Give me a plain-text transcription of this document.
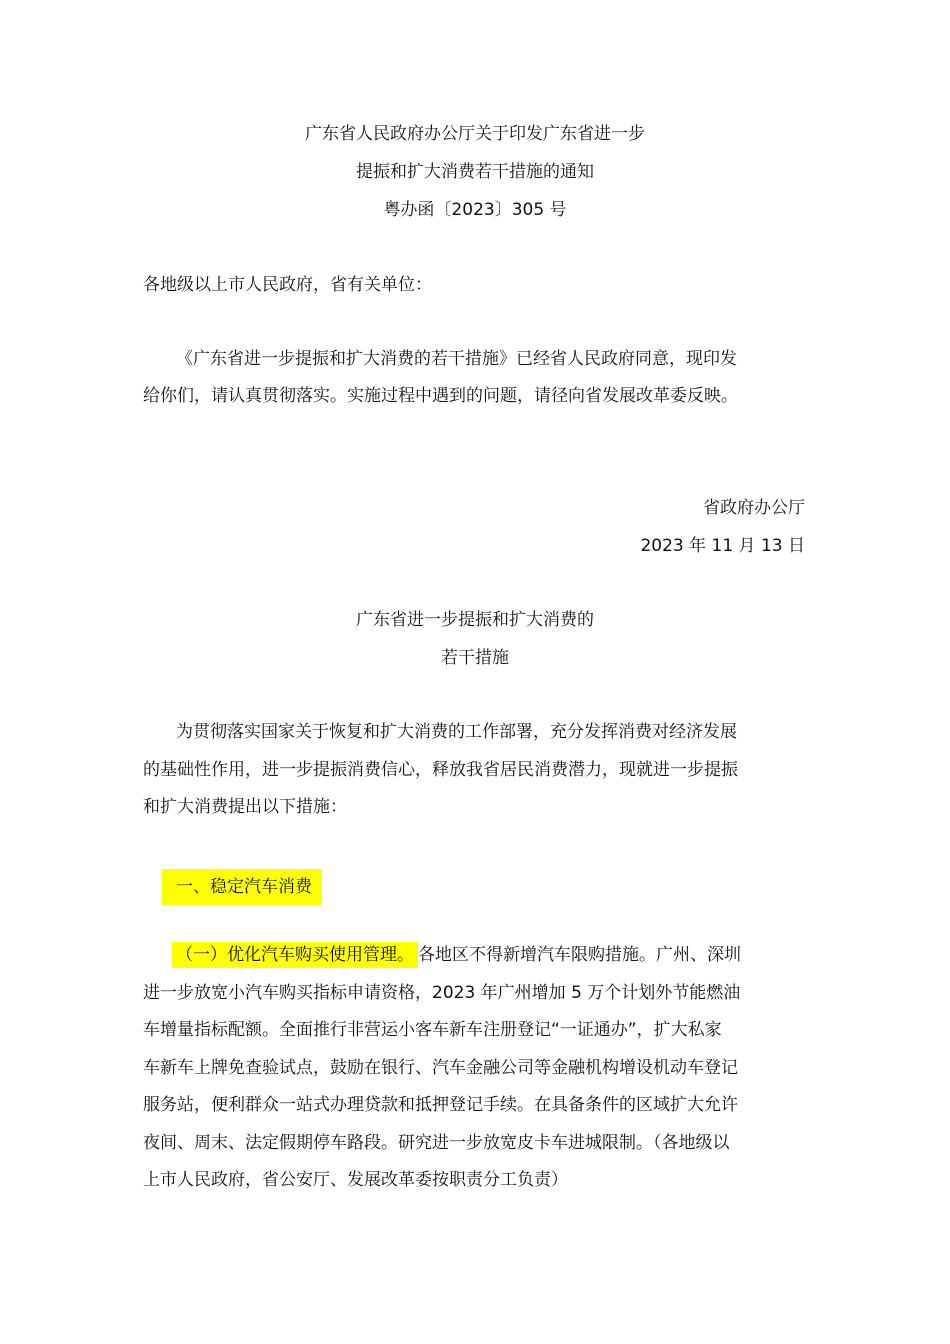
广东省人民政府办公厅关于印发广东省进一步
提振和扩大消费若干措施的通知
粤办函〔2023〕305 号
各地级以上市人民政府，省有关单位：
《广东省进一步提振和扩大消费的若干措施》已经省人民政府同意，现印发
给你们，请认真贯彻落实。实施过程中遇到的问题，请径向省发展改革委反映。
省政府办公厅
2023 年 11 月 13 日
广东省进一步提振和扩大消费的
若干措施
为贯彻落实国家关于恢复和扩大消费的工作部署，充分发挥消费对经济发展
的基础性作用，进一步提振消费信心，释放我省居民消费潜力，现就进一步提振
和扩大消费提出以下措施：
一、稳定汽车消费
（一）优化汽车购买使用管理。 各地区不得新增汽车限购措施。广州、深圳
进一步放宽小汽车购买指标申请资格，2023 年广州增加 5 万个计划外节能燃油
车增量指标配额。全面推行非营运小客车新车注册登记“一证通办”，扩大私家
车新车上牌免查验试点，鼓励在银行、汽车金融公司等金融机构增设机动车登记
服务站，便利群众一站式办理贷款和抵押登记手续。在具备条件的区域扩大允许
夜间、周末、法定假期停车路段。研究进一步放宽皮卡车进城限制。（各地级以
上市人民政府，省公安厅、发展改革委按职责分工负责）
